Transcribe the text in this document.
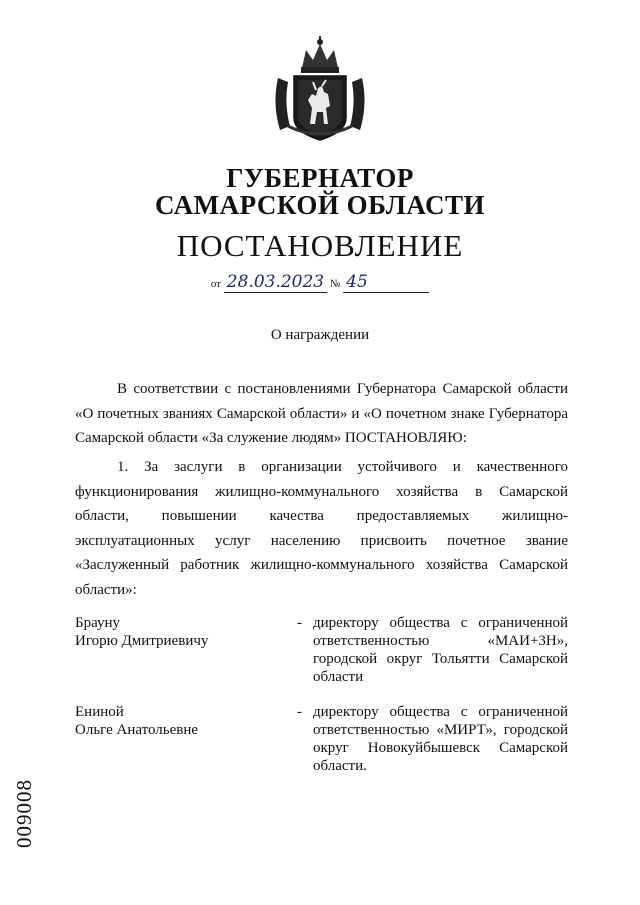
ГУБЕРНАТОР
САМАРСКОЙ ОБЛАСТИ
ПОСТАНОВЛЕНИЕ
от 28.03.2023 № 45
О награждении

В соответствии с постановлениями Губернатора Самарской области «О почетных званиях Самарской области» и «О почетном знаке Губернатора Самарской области «За служение людям» ПОСТАНОВЛЯЮ:

1. За заслуги в организации устойчивого и качественного функционирования жилищно-коммунального хозяйства в Самарской области, повышении качества предоставляемых жилищно-эксплуатационных услуг населению присвоить почетное звание «Заслуженный работник жилищно-коммунального хозяйства Самарской области»:

Брауну
Игорю Дмитриевичу
- директору общества с ограниченной ответственностью «МАИ+3Н», городской округ Тольятти Самарской области
Ениной
Ольге Анатольевне
- директору общества с ограниченной ответственностью «МИРТ», городской округ Новокуйбышевск Самарской области.
009008
